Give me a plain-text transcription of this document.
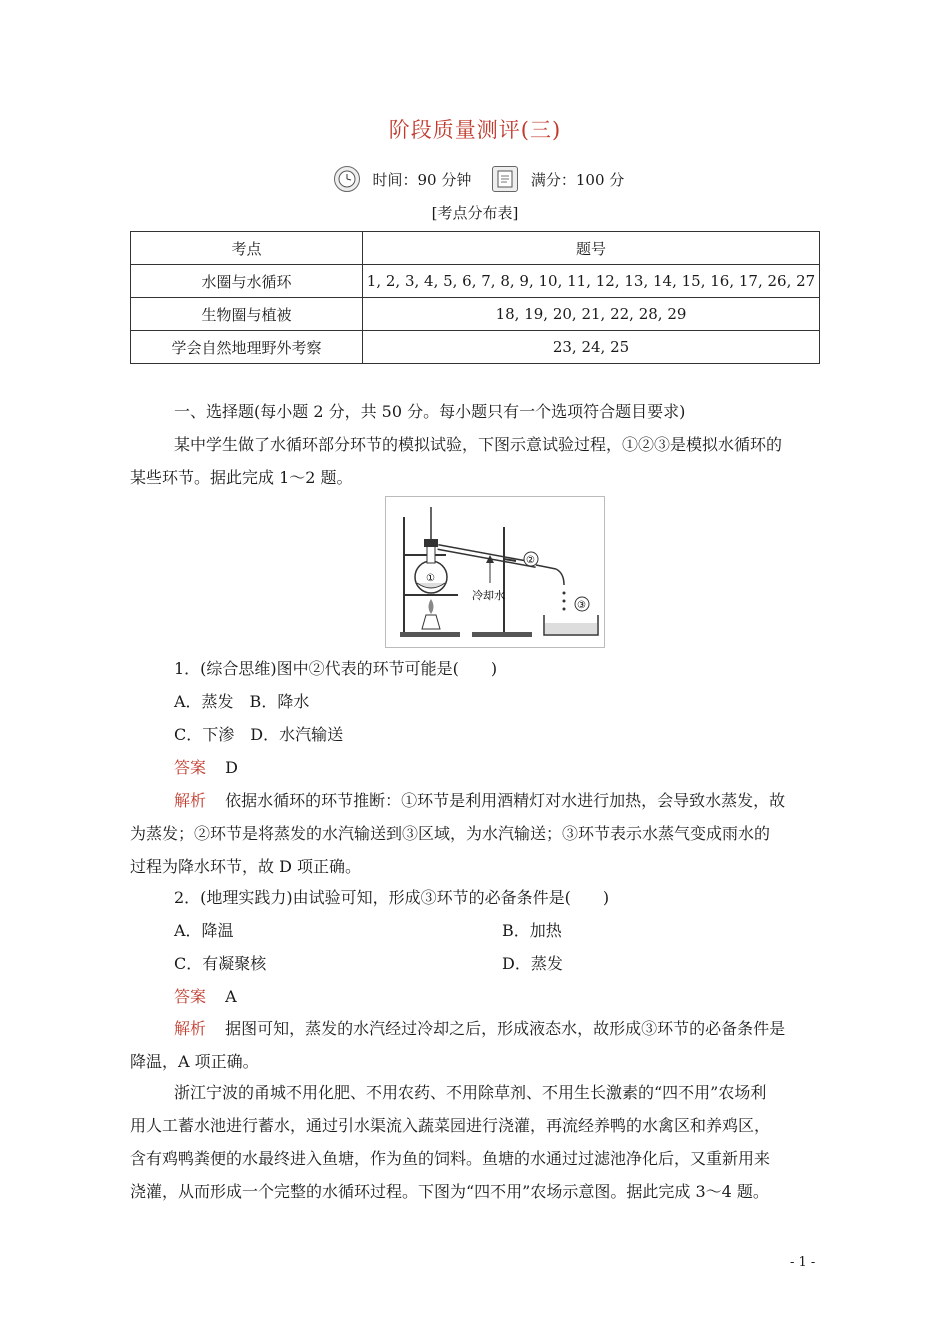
阶段质量测评(三)
时间：90 分钟	满分：100 分
[考点分布表]
考点	题号
水圈与水循环	1, 2, 3, 4, 5, 6, 7, 8, 9, 10, 11, 12, 13, 14, 15, 16, 17, 26, 27
生物圈与植被	18, 19, 20, 21, 22, 28, 29
学会自然地理野外考察	23, 24, 25
一、选择题(每小题 2 分，共 50 分。每小题只有一个选项符合题目要求)
某中学生做了水循环部分环节的模拟试验，下图示意试验过程，①②③是模拟水循环的
某些环节。据此完成 1～2 题。
①
冷却水
②
③
1．(综合思维)图中②代表的环节可能是(　　)
A．蒸发　B．降水
C．下渗　D．水汽输送
答案 D
解析 依据水循环的环节推断：①环节是利用酒精灯对水进行加热，会导致水蒸发，故
为蒸发；②环节是将蒸发的水汽输送到③区域，为水汽输送；③环节表示水蒸气变成雨水的
过程为降水环节，故 D 项正确。
2．(地理实践力)由试验可知，形成③环节的必备条件是(　　)
A．降温	B．加热
C．有凝聚核	D．蒸发
答案 A
解析 据图可知，蒸发的水汽经过冷却之后，形成液态水，故形成③环节的必备条件是
降温，A 项正确。
浙江宁波的甬城不用化肥、不用农药、不用除草剂、不用生长激素的“四不用”农场利
用人工蓄水池进行蓄水，通过引水渠流入蔬菜园进行浇灌，再流经养鸭的水禽区和养鸡区，
含有鸡鸭粪便的水最终进入鱼塘，作为鱼的饲料。鱼塘的水通过过滤池净化后，又重新用来
浇灌，从而形成一个完整的水循环过程。下图为“四不用”农场示意图。据此完成 3～4 题。
- 1 -
